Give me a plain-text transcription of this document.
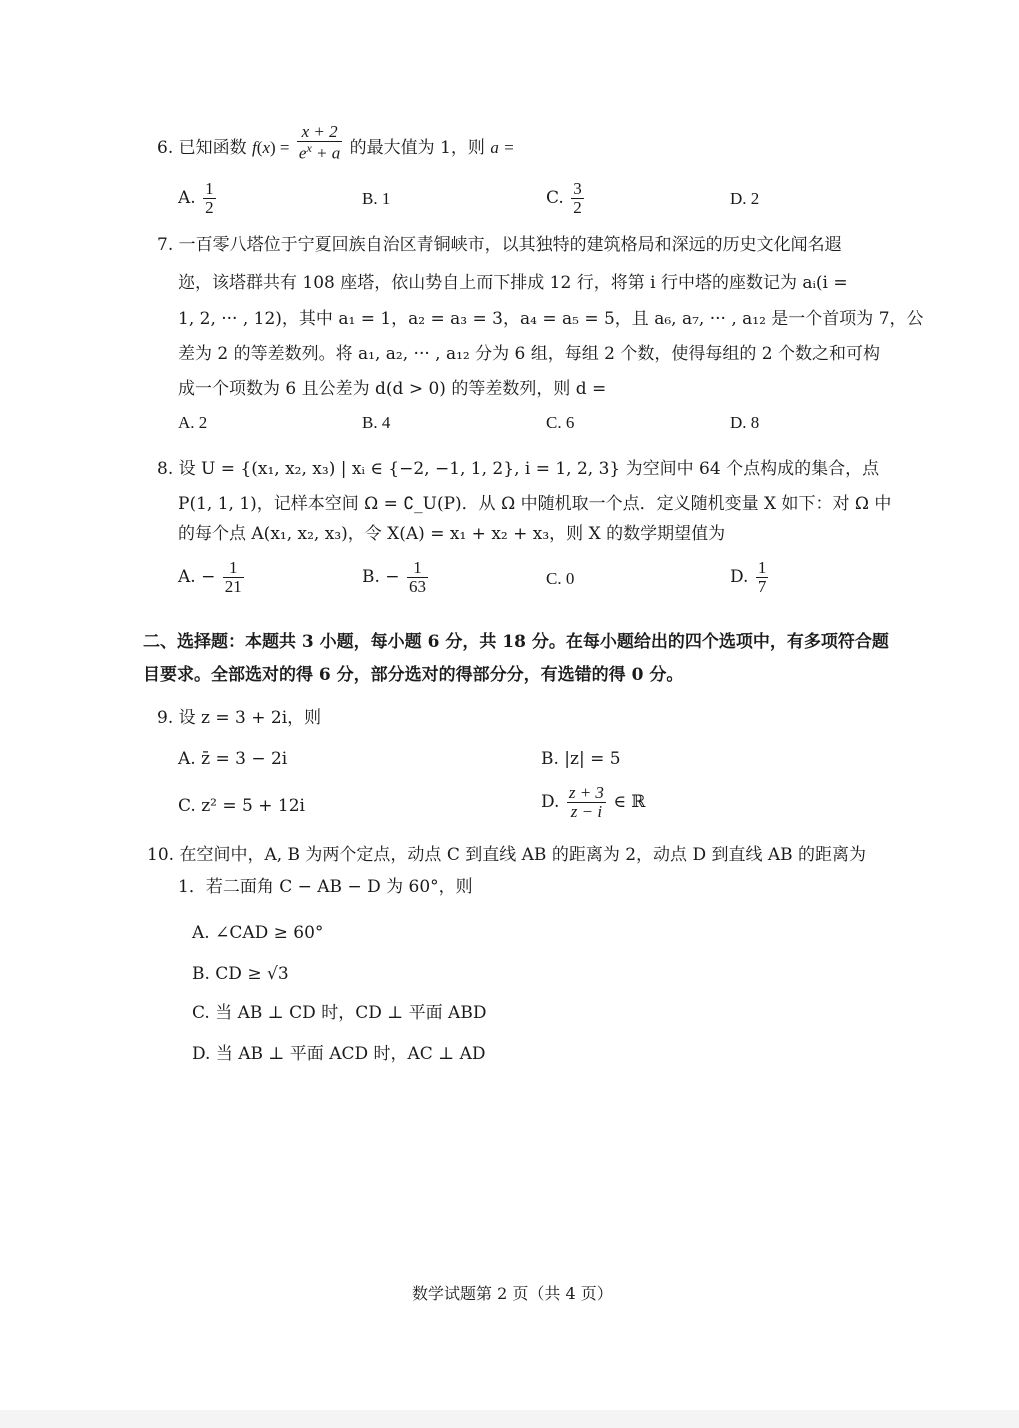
6. 已知函数 $f(x) = \frac{x + 2}{e^x + a}$ 的最大值为 1，则 a =
A. $\frac{1}{2}$	B. 1	C. $\frac{3}{2}$	D. 2
7. 一百零八塔位于宁夏回族自治区青铜峡市，以其独特的建筑格局和深远的历史文化闻名遐
迩，该塔群共有 108 座塔，依山势自上而下排成 12 行，将第 i 行中塔的座数记为 aᵢ(i =
1, 2, ··· , 12)，其中 a₁ = 1，a₂ = a₃ = 3，a₄ = a₅ = 5，且 a₆, a₇, ··· , a₁₂ 是一个首项为 7，公
差为 2 的等差数列。将 a₁, a₂, ··· , a₁₂ 分为 6 组，每组 2 个数，使得每组的 2 个数之和可构
成一个项数为 6 且公差为 d(d > 0) 的等差数列，则 d =
A. 2	B. 4	C. 6	D. 8
8. 设 U = {(x₁, x₂, x₃) | xᵢ ∈ {−2, −1, 1, 2}, i = 1, 2, 3} 为空间中 64 个点构成的集合，点
P(1, 1, 1)，记样本空间 Ω = ∁_U(P)．从 Ω 中随机取一个点．定义随机变量 X 如下：对 Ω 中
的每个点 A(x₁, x₂, x₃)，令 X(A) = x₁ + x₂ + x₃，则 X 的数学期望值为
A. − $\frac{1}{21}$	B. − $\frac{1}{63}$	C. 0	D. $\frac{1}{7}$
二、选择题：本题共 3 小题，每小题 6 分，共 18 分。在每小题给出的四个选项中，有多项符合题
目要求。全部选对的得 6 分，部分选对的得部分分，有选错的得 0 分。
9. 设 z = 3 + 2i，则
A. z̄ = 3 − 2i	B. |z| = 5
C. z² = 5 + 12i	D. $\frac{z + 3}{z - i}$ ∈ ℝ
10. 在空间中，A, B 为两个定点，动点 C 到直线 AB 的距离为 2，动点 D 到直线 AB 的距离为
1．若二面角 C − AB − D 为 60°，则
A. ∠CAD ≥ 60°
B. CD ≥ √3
C. 当 AB ⊥ CD 时，CD ⊥ 平面 ABD
D. 当 AB ⊥ 平面 ACD 时，AC ⊥ AD
数学试题第 2 页（共 4 页）
